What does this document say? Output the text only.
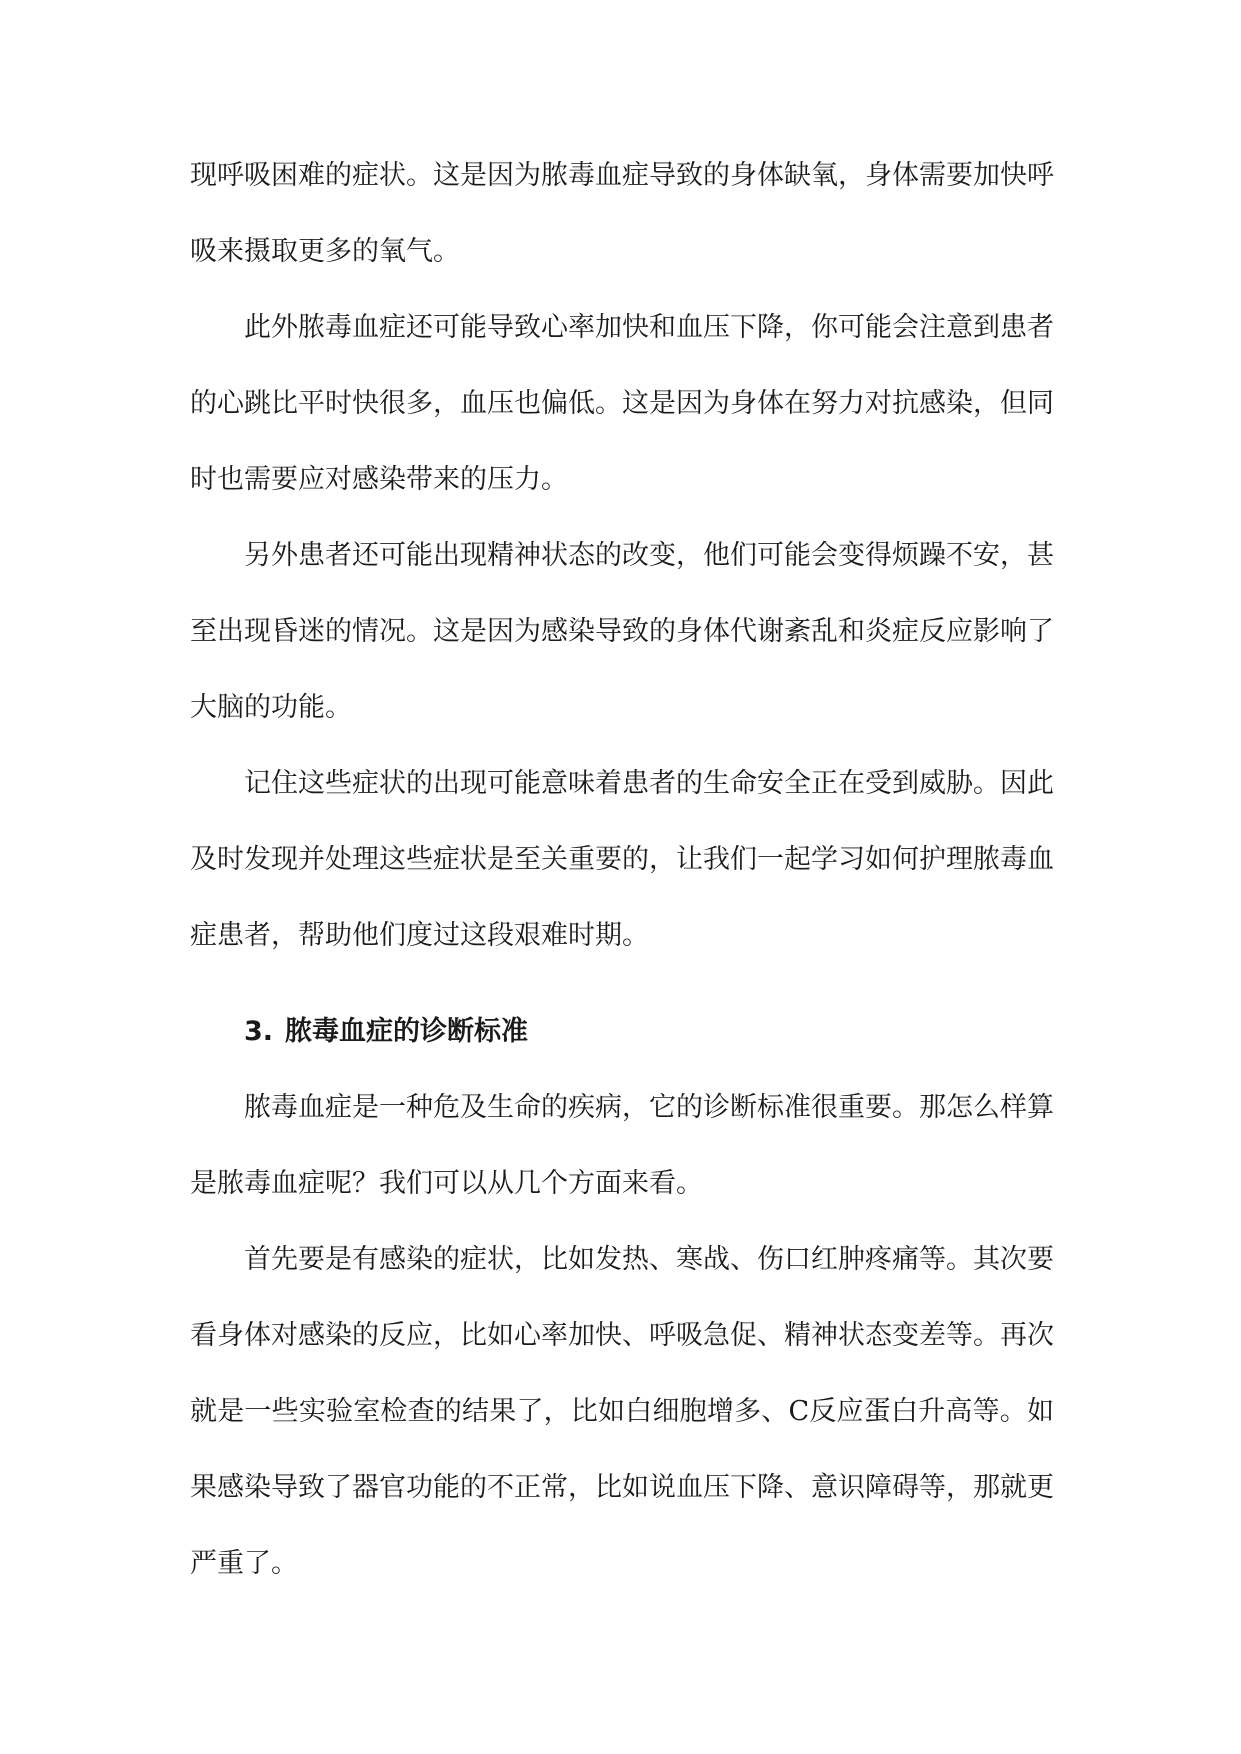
现呼吸困难的症状。这是因为脓毒血症导致的身体缺氧，身体需要加快呼吸来摄取更多的氧气。

此外脓毒血症还可能导致心率加快和血压下降，你可能会注意到患者的心跳比平时快很多，血压也偏低。这是因为身体在努力对抗感染，但同时也需要应对感染带来的压力。

另外患者还可能出现精神状态的改变，他们可能会变得烦躁不安，甚至出现昏迷的情况。这是因为感染导致的身体代谢紊乱和炎症反应影响了大脑的功能。

记住这些症状的出现可能意味着患者的生命安全正在受到威胁。因此及时发现并处理这些症状是至关重要的，让我们一起学习如何护理脓毒血症患者，帮助他们度过这段艰难时期。

3. 脓毒血症的诊断标准

脓毒血症是一种危及生命的疾病，它的诊断标准很重要。那怎么样算是脓毒血症呢？我们可以从几个方面来看。

首先要是有感染的症状，比如发热、寒战、伤口红肿疼痛等。其次要看身体对感染的反应，比如心率加快、呼吸急促、精神状态变差等。再次就是一些实验室检查的结果了，比如白细胞增多、C反应蛋白升高等。如果感染导致了器官功能的不正常，比如说血压下降、意识障碍等，那就更严重了。
